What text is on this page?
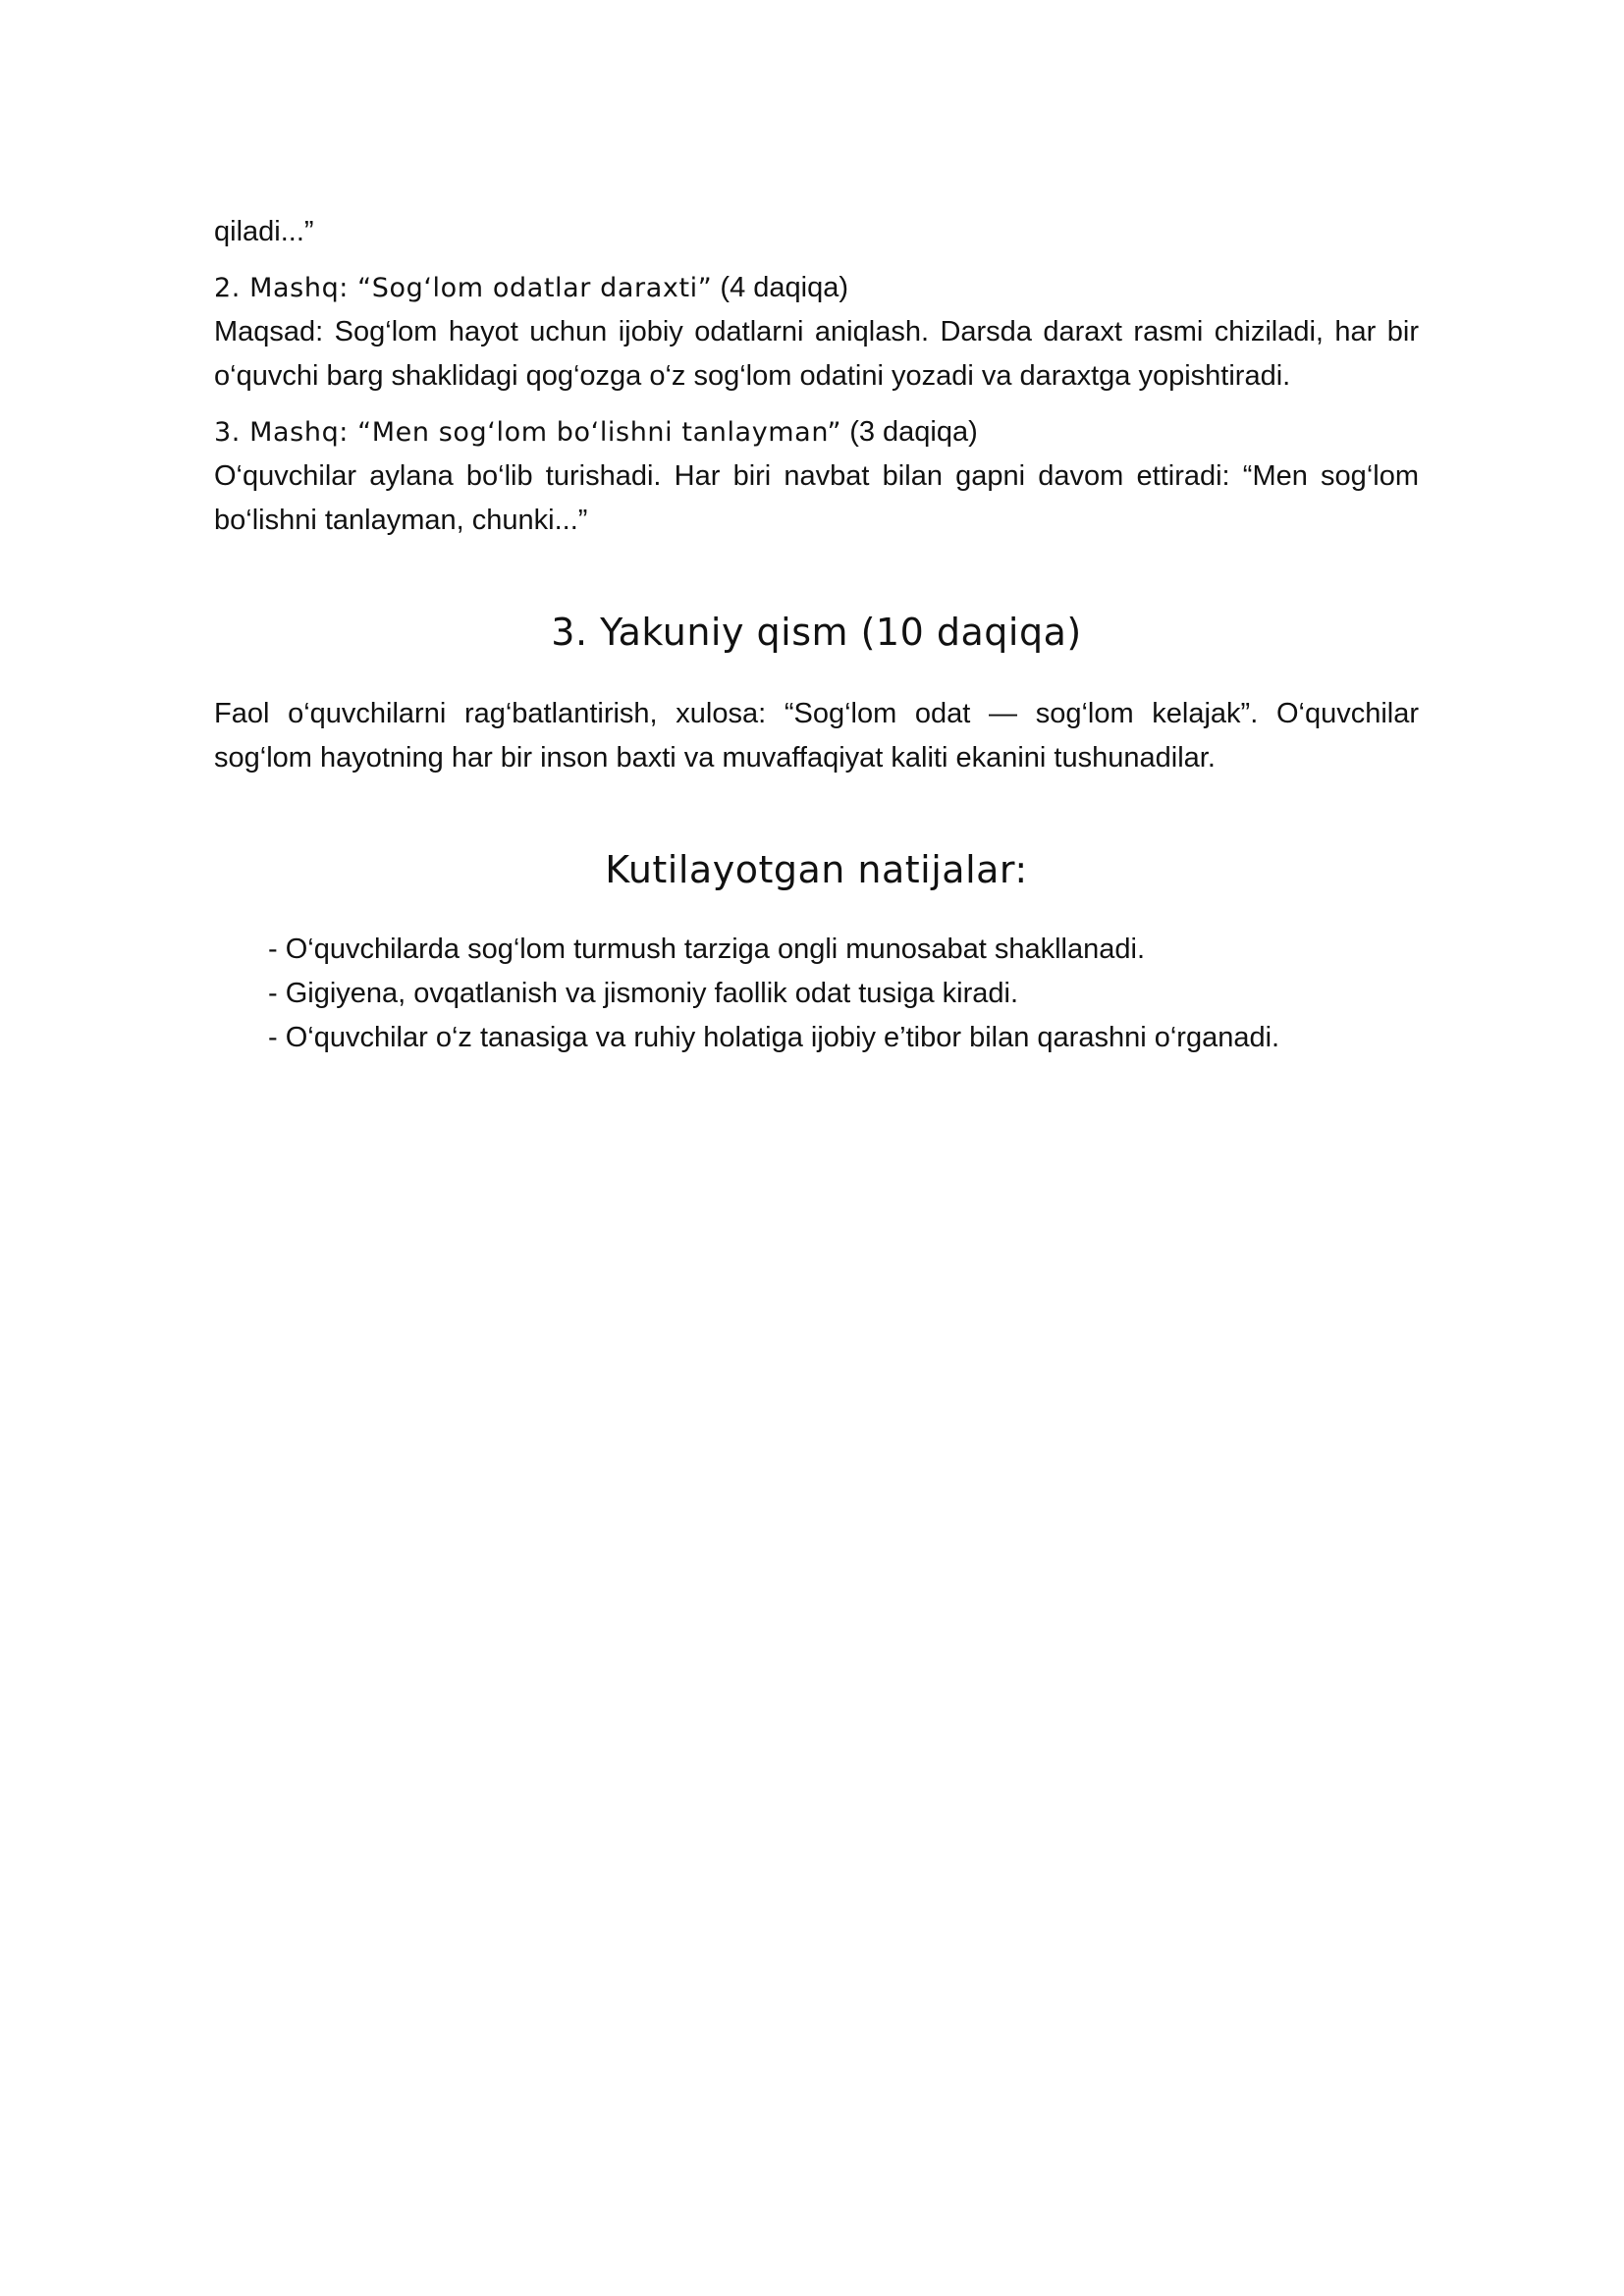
qiladi...”

2. Mashq: “Sog‘lom odatlar daraxti” (4 daqiqa)

Maqsad: Sog‘lom hayot uchun ijobiy odatlarni aniqlash. Darsda daraxt rasmi chiziladi, har bir o‘quvchi barg shaklidagi qog‘ozga o‘z sog‘lom odatini yozadi va daraxtga yopishtiradi.

3. Mashq: “Men sog‘lom bo‘lishni tanlayman” (3 daqiqa)

O‘quvchilar aylana bo‘lib turishadi. Har biri navbat bilan gapni davom ettiradi: “Men sog‘lom bo‘lishni tanlayman, chunki...”

3. Yakuniy qism (10 daqiqa)

Faol o‘quvchilarni rag‘batlantirish, xulosa: “Sog‘lom odat — sog‘lom kelajak”. O‘quvchilar sog‘lom hayotning har bir inson baxti va muvaffaqiyat kaliti ekanini tushunadilar.

Kutilayotgan natijalar:
- O‘quvchilarda sog‘lom turmush tarziga ongli munosabat shakllanadi.
- Gigiyena, ovqatlanish va jismoniy faollik odat tusiga kiradi.
- O‘quvchilar o‘z tanasiga va ruhiy holatiga ijobiy e’tibor bilan qarashni o‘rganadi.
